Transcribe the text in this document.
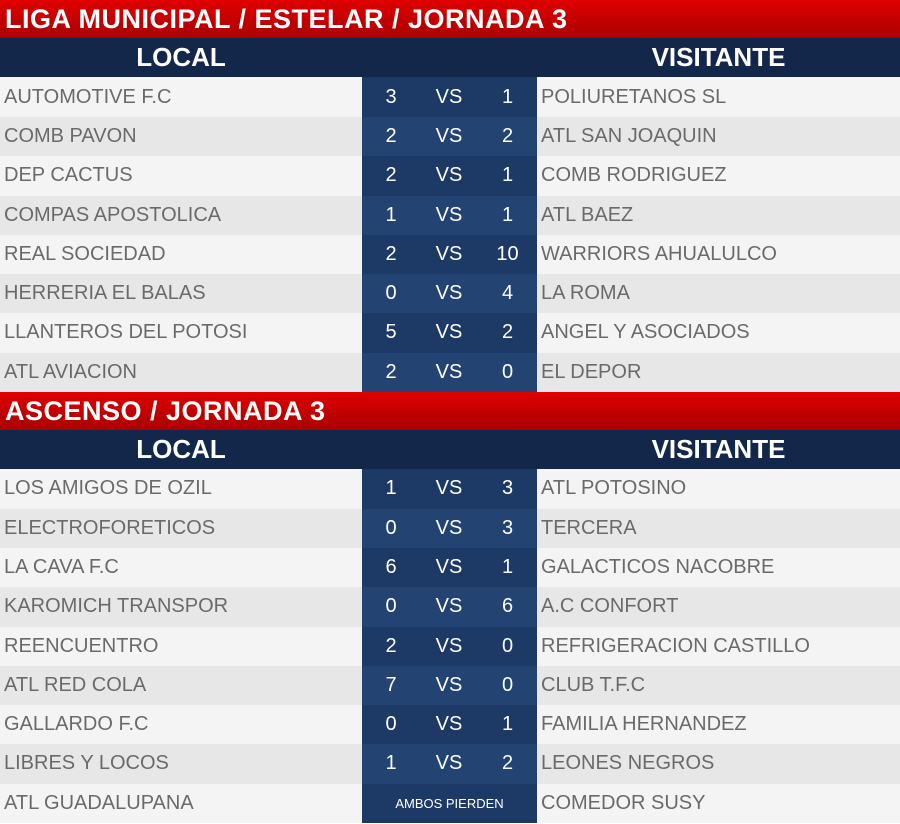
LIGA MUNICIPAL / ESTELAR / JORNADA 3
LOCAL	VISITANTE
AUTOMOTIVE F.C	3	VS	1	POLIURETANOS SL
COMB PAVON	2	VS	2	ATL SAN JOAQUIN
DEP CACTUS	2	VS	1	COMB RODRIGUEZ
COMPAS APOSTOLICA	1	VS	1	ATL BAEZ
REAL SOCIEDAD	2	VS	10	WARRIORS AHUALULCO
HERRERIA EL BALAS	0	VS	4	LA ROMA
LLANTEROS DEL POTOSI	5	VS	2	ANGEL Y ASOCIADOS
ATL AVIACION	2	VS	0	EL DEPOR
ASCENSO / JORNADA 3
LOCAL	VISITANTE
LOS AMIGOS DE OZIL	1	VS	3	ATL POTOSINO
ELECTROFORETICOS	0	VS	3	TERCERA
LA CAVA F.C	6	VS	1	GALACTICOS NACOBRE
KAROMICH TRANSPOR	0	VS	6	A.C CONFORT
REENCUENTRO	2	VS	0	REFRIGERACION CASTILLO
ATL RED COLA	7	VS	0	CLUB T.F.C
GALLARDO F.C	0	VS	1	FAMILIA HERNANDEZ
LIBRES Y LOCOS	1	VS	2	LEONES NEGROS
ATL GUADALUPANA	AMBOS PIERDEN	COMEDOR SUSY
